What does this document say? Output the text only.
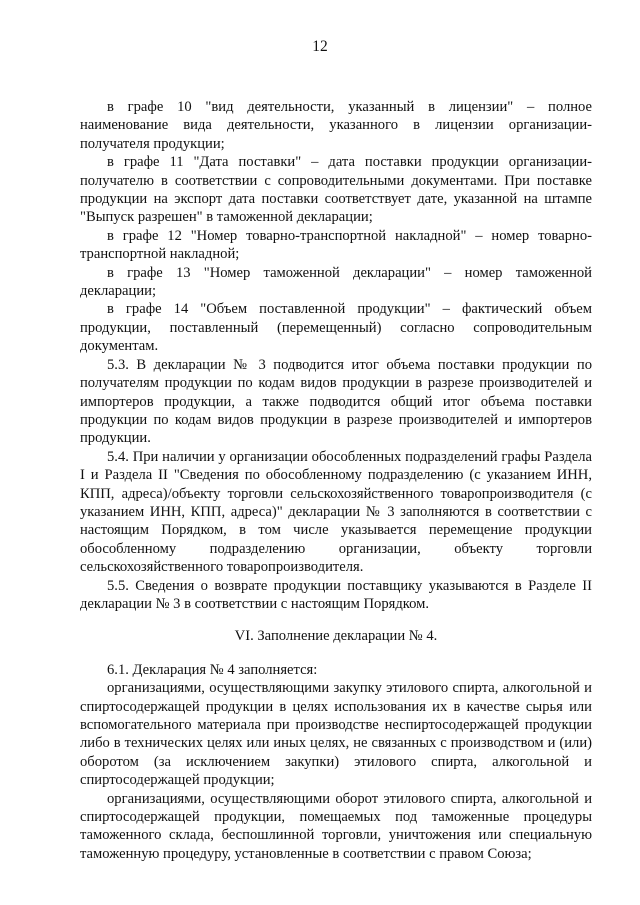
12

в графе 10 "вид деятельности, указанный в лицензии" – полное наименование вида деятельности, указанного в лицензии организации-получателя продукции;

в графе 11 "Дата поставки" – дата поставки продукции организации-получателю в соответствии с сопроводительными документами. При поставке продукции на экспорт дата поставки соответствует дате, указанной на штампе "Выпуск разрешен" в таможенной декларации;

в графе 12 "Номер товарно-транспортной накладной" – номер товарно-транспортной накладной;

в графе 13 "Номер таможенной декларации" – номер таможенной декларации;

в графе 14 "Объем поставленной продукции" – фактический объем продукции, поставленный (перемещенный) согласно сопроводительным документам.

5.3. В декларации № 3 подводится итог объема поставки продукции по получателям продукции по кодам видов продукции в разрезе производителей и импортеров продукции, а также подводится общий итог объема поставки продукции по кодам видов продукции в разрезе производителей и импортеров продукции.

5.4. При наличии у организации обособленных подразделений графы Раздела I и Раздела II "Сведения по обособленному подразделению (с указанием ИНН, КПП, адреса)/объекту торговли сельскохозяйственного товаропроизводителя (с указанием ИНН, КПП, адреса)" декларации № 3 заполняются в соответствии с настоящим Порядком, в том числе указывается перемещение продукции обособленному подразделению организации, объекту торговли сельскохозяйственного товаропроизводителя.

5.5. Сведения о возврате продукции поставщику указываются в Разделе II декларации № 3 в соответствии с настоящим Порядком.

VI. Заполнение декларации № 4.

6.1. Декларация № 4 заполняется:

организациями, осуществляющими закупку этилового спирта, алкогольной и спиртосодержащей продукции в целях использования их в качестве сырья или вспомогательного материала при производстве неспиртосодержащей продукции либо в технических целях или иных целях, не связанных с производством и (или) оборотом (за исключением закупки) этилового спирта, алкогольной и спиртосодержащей продукции;

организациями, осуществляющими оборот этилового спирта, алкогольной и спиртосодержащей продукции, помещаемых под таможенные процедуры таможенного склада, беспошлинной торговли, уничтожения или специальную таможенную процедуру, установленные в соответствии с правом Союза;
